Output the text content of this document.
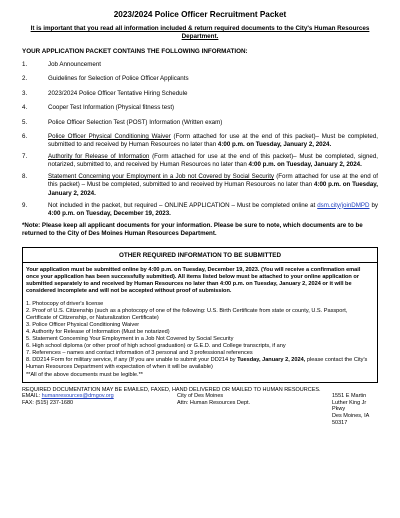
2023/2024 Police Officer Recruitment Packet
It is important that you read all information included & return required documents to the City's Human Resources Department.
YOUR APPLICATION PACKET CONTAINS THE FOLLOWING INFORMATION:
1.	Job Announcement
2.	Guidelines for Selection of Police Officer Applicants
3.	2023/2024 Police Officer Tentative Hiring Schedule
4.	Cooper Test Information (Physical fitness test)
5.	Police Officer Selection Test (POST) Information (Written exam)
6.	Police Officer Physical Conditioning Waiver (Form attached for use at the end of this packet)– Must be completed, submitted to and received by Human Resources no later than 4:00 p.m. on Tuesday, January 2, 2024.
7.	Authority for Release of Information (Form attached for use at the end of this packet)– Must be completed, signed, notarized, submitted to, and received by Human Resources no later than 4:00 p.m. on Tuesday, January 2, 2024.
8.	Statement Concerning your Employment in a Job not Covered by Social Security (Form attached for use at the end of this packet) – Must be completed, submitted to and received by Human Resources no later than 4:00 p.m. on Tuesday, January 2, 2024.
9.	Not included in the packet, but required – ONLINE APPLICATION – Must be completed online at dsm.city/joinDMPD by 4:00 p.m. on Tuesday, December 19, 2023.
*Note: Please keep all applicant documents for your information. Please be sure to note, which documents are to be returned to the City of Des Moines Human Resources Department.
OTHER REQUIRED INFORMATION TO BE SUBMITTED
Your application must be submitted online by 4:00 p.m. on Tuesday, December 19, 2023. (You will receive a confirmation email once your application has been successfully submitted). All items listed below must be attached to your online application or submitted separately to and received by Human Resources no later than 4:00 p.m. on Tuesday, January 2, 2024 or it will be considered incomplete and will not be accepted without proof of submission.
1. Photocopy of driver's license
2. Proof of U.S. Citizenship (such as a photocopy of one of the following: U.S. Birth Certificate from state or county, U.S. Passport, Certificate of Citizenship, or Naturalization Certificate)
3. Police Officer Physical Conditioning Waiver
4. Authority for Release of Information (Must be notarized)
5. Statement Concerning Your Employment in a Job Not Covered by Social Security
6. High school diploma (or other proof of high school graduation) or G.E.D. and College transcripts, if any
7. References – names and contact information of 3 personal and 3 professional references
8. DD214 Form for military service, if any (If you are unable to submit your DD214 by Tuesday, January 2, 2024, please contact the City's Human Resources Department with expectation of when it will be available)
**All of the above documents must be legible.**
REQUIRED DOCUMENTATION MAY BE EMAILED, FAXED, HAND DELIVERED OR MAILED TO HUMAN RESOURCES.
EMAIL: humanresources@dmgov.org
FAX: (515) 237-1680
City of Des Moines
Attn: Human Resources Dept.
1551 E Martin Luther King Jr Pkwy
Des Moines, IA 50317
